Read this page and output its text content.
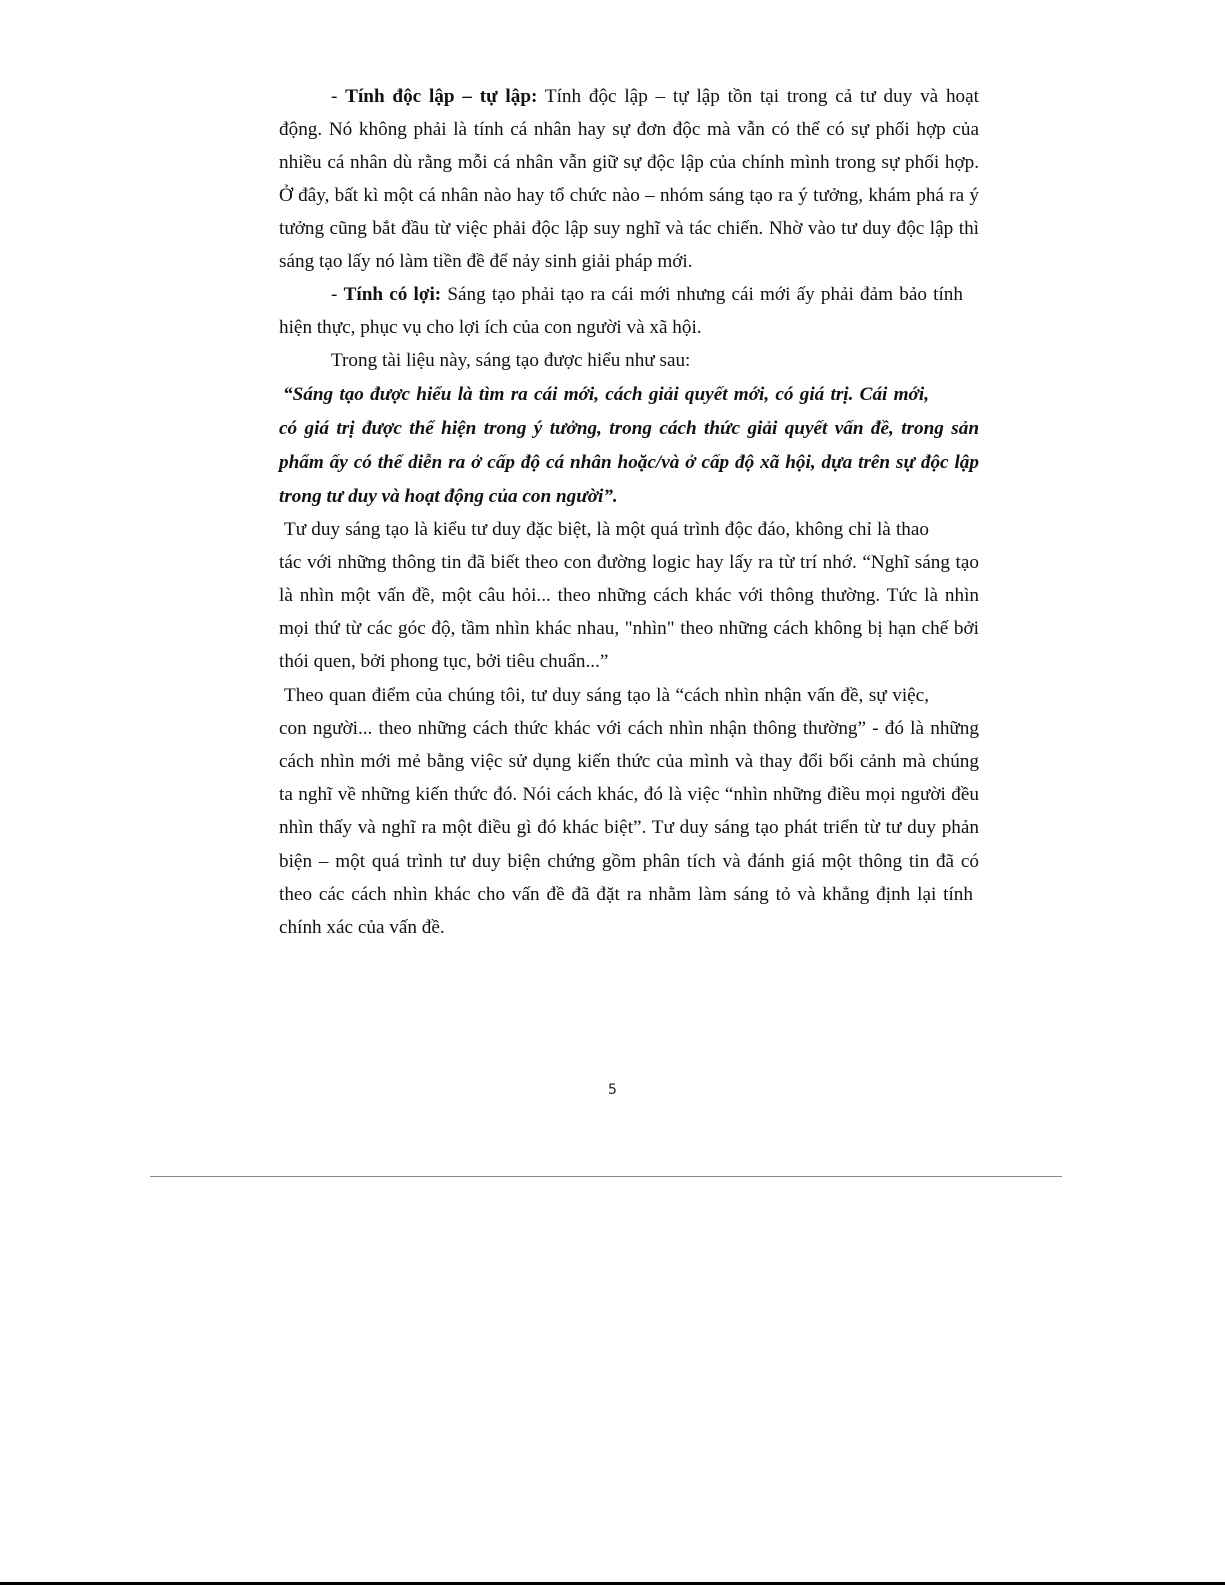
- Tính độc lập – tự lập: Tính độc lập – tự lập tồn tại trong cả tư duy và hoạt
động. Nó không phải là tính cá nhân hay sự đơn độc mà vẫn có thể có sự phối hợp của
nhiều cá nhân dù rằng mỗi cá nhân vẫn giữ sự độc lập của chính mình trong sự phối hợp.
Ở đây, bất kì một cá nhân nào hay tổ chức nào – nhóm sáng tạo ra ý tưởng, khám phá ra ý
tưởng cũng bắt đầu từ việc phải độc lập suy nghĩ và tác chiến. Nhờ vào tư duy độc lập thì
sáng tạo lấy nó làm tiền đề để nảy sinh giải pháp mới.
- Tính có lợi: Sáng tạo phải tạo ra cái mới nhưng cái mới ấy phải đảm bảo tính
hiện thực, phục vụ cho lợi ích của con người và xã hội.
Trong tài liệu này, sáng tạo được hiểu như sau:
“Sáng tạo được hiểu là tìm ra cái mới, cách giải quyết mới, có giá trị. Cái mới,
có giá trị được thể hiện trong ý tưởng, trong cách thức giải quyết vấn đề, trong sản
phẩm ấy có thể diễn ra ở cấp độ cá nhân hoặc/và ở cấp độ xã hội, dựa trên sự độc lập
trong tư duy và hoạt động của con người”.
Tư duy sáng tạo là kiểu tư duy đặc biệt, là một quá trình độc đáo, không chỉ là thao
tác với những thông tin đã biết theo con đường logic hay lấy ra từ trí nhớ. “Nghĩ sáng tạo
là nhìn một vấn đề, một câu hỏi... theo những cách khác với thông thường. Tức là nhìn
mọi thứ từ các góc độ, tầm nhìn khác nhau, "nhìn" theo những cách không bị hạn chế bởi
thói quen, bởi phong tục, bởi tiêu chuẩn...”
Theo quan điểm của chúng tôi, tư duy sáng tạo là “cách nhìn nhận vấn đề, sự việc,
con người... theo những cách thức khác với cách nhìn nhận thông thường” - đó là những
cách nhìn mới mẻ bằng việc sử dụng kiến thức của mình và thay đổi bối cảnh mà chúng
ta nghĩ về những kiến thức đó. Nói cách khác, đó là việc “nhìn những điều mọi người đều
nhìn thấy và nghĩ ra một điều gì đó khác biệt”. Tư duy sáng tạo phát triển từ tư duy phản
biện – một quá trình tư duy biện chứng gồm phân tích và đánh giá một thông tin đã có
theo các cách nhìn khác cho vấn đề đã đặt ra nhằm làm sáng tỏ và khẳng định lại tính
chính xác của vấn đề.
5
